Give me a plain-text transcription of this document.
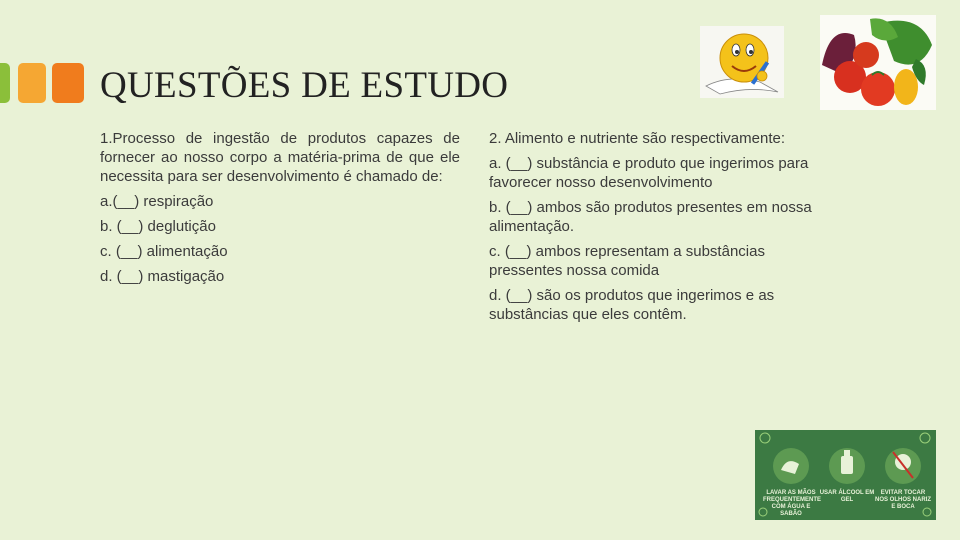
QUESTÕES DE ESTUDO

1.Processo de ingestão de produtos capazes de fornecer ao nosso corpo a matéria-prima de que ele necessita para ser desenvolvimento é chamado de:

a.(__) respiração

b. (__) deglutição

c. (__) alimentação

d. (__) mastigação

2. Alimento e nutriente são respectivamente:

a. (__) substância e produto que ingerimos para favorecer nosso desenvolvimento

b. (__) ambos são produtos presentes em nossa alimentação.

c. (__) ambos representam a substâncias pressentes nossa comida

d. (__) são os produtos que ingerimos e as substâncias que eles contêm.

LAVAR AS MÃOS FREQUENTEMENTE COM ÁGUA E SABÃO
USAR ÁLCOOL EM GEL
EVITAR TOCAR NOS OLHOS NARIZ E BOCA
